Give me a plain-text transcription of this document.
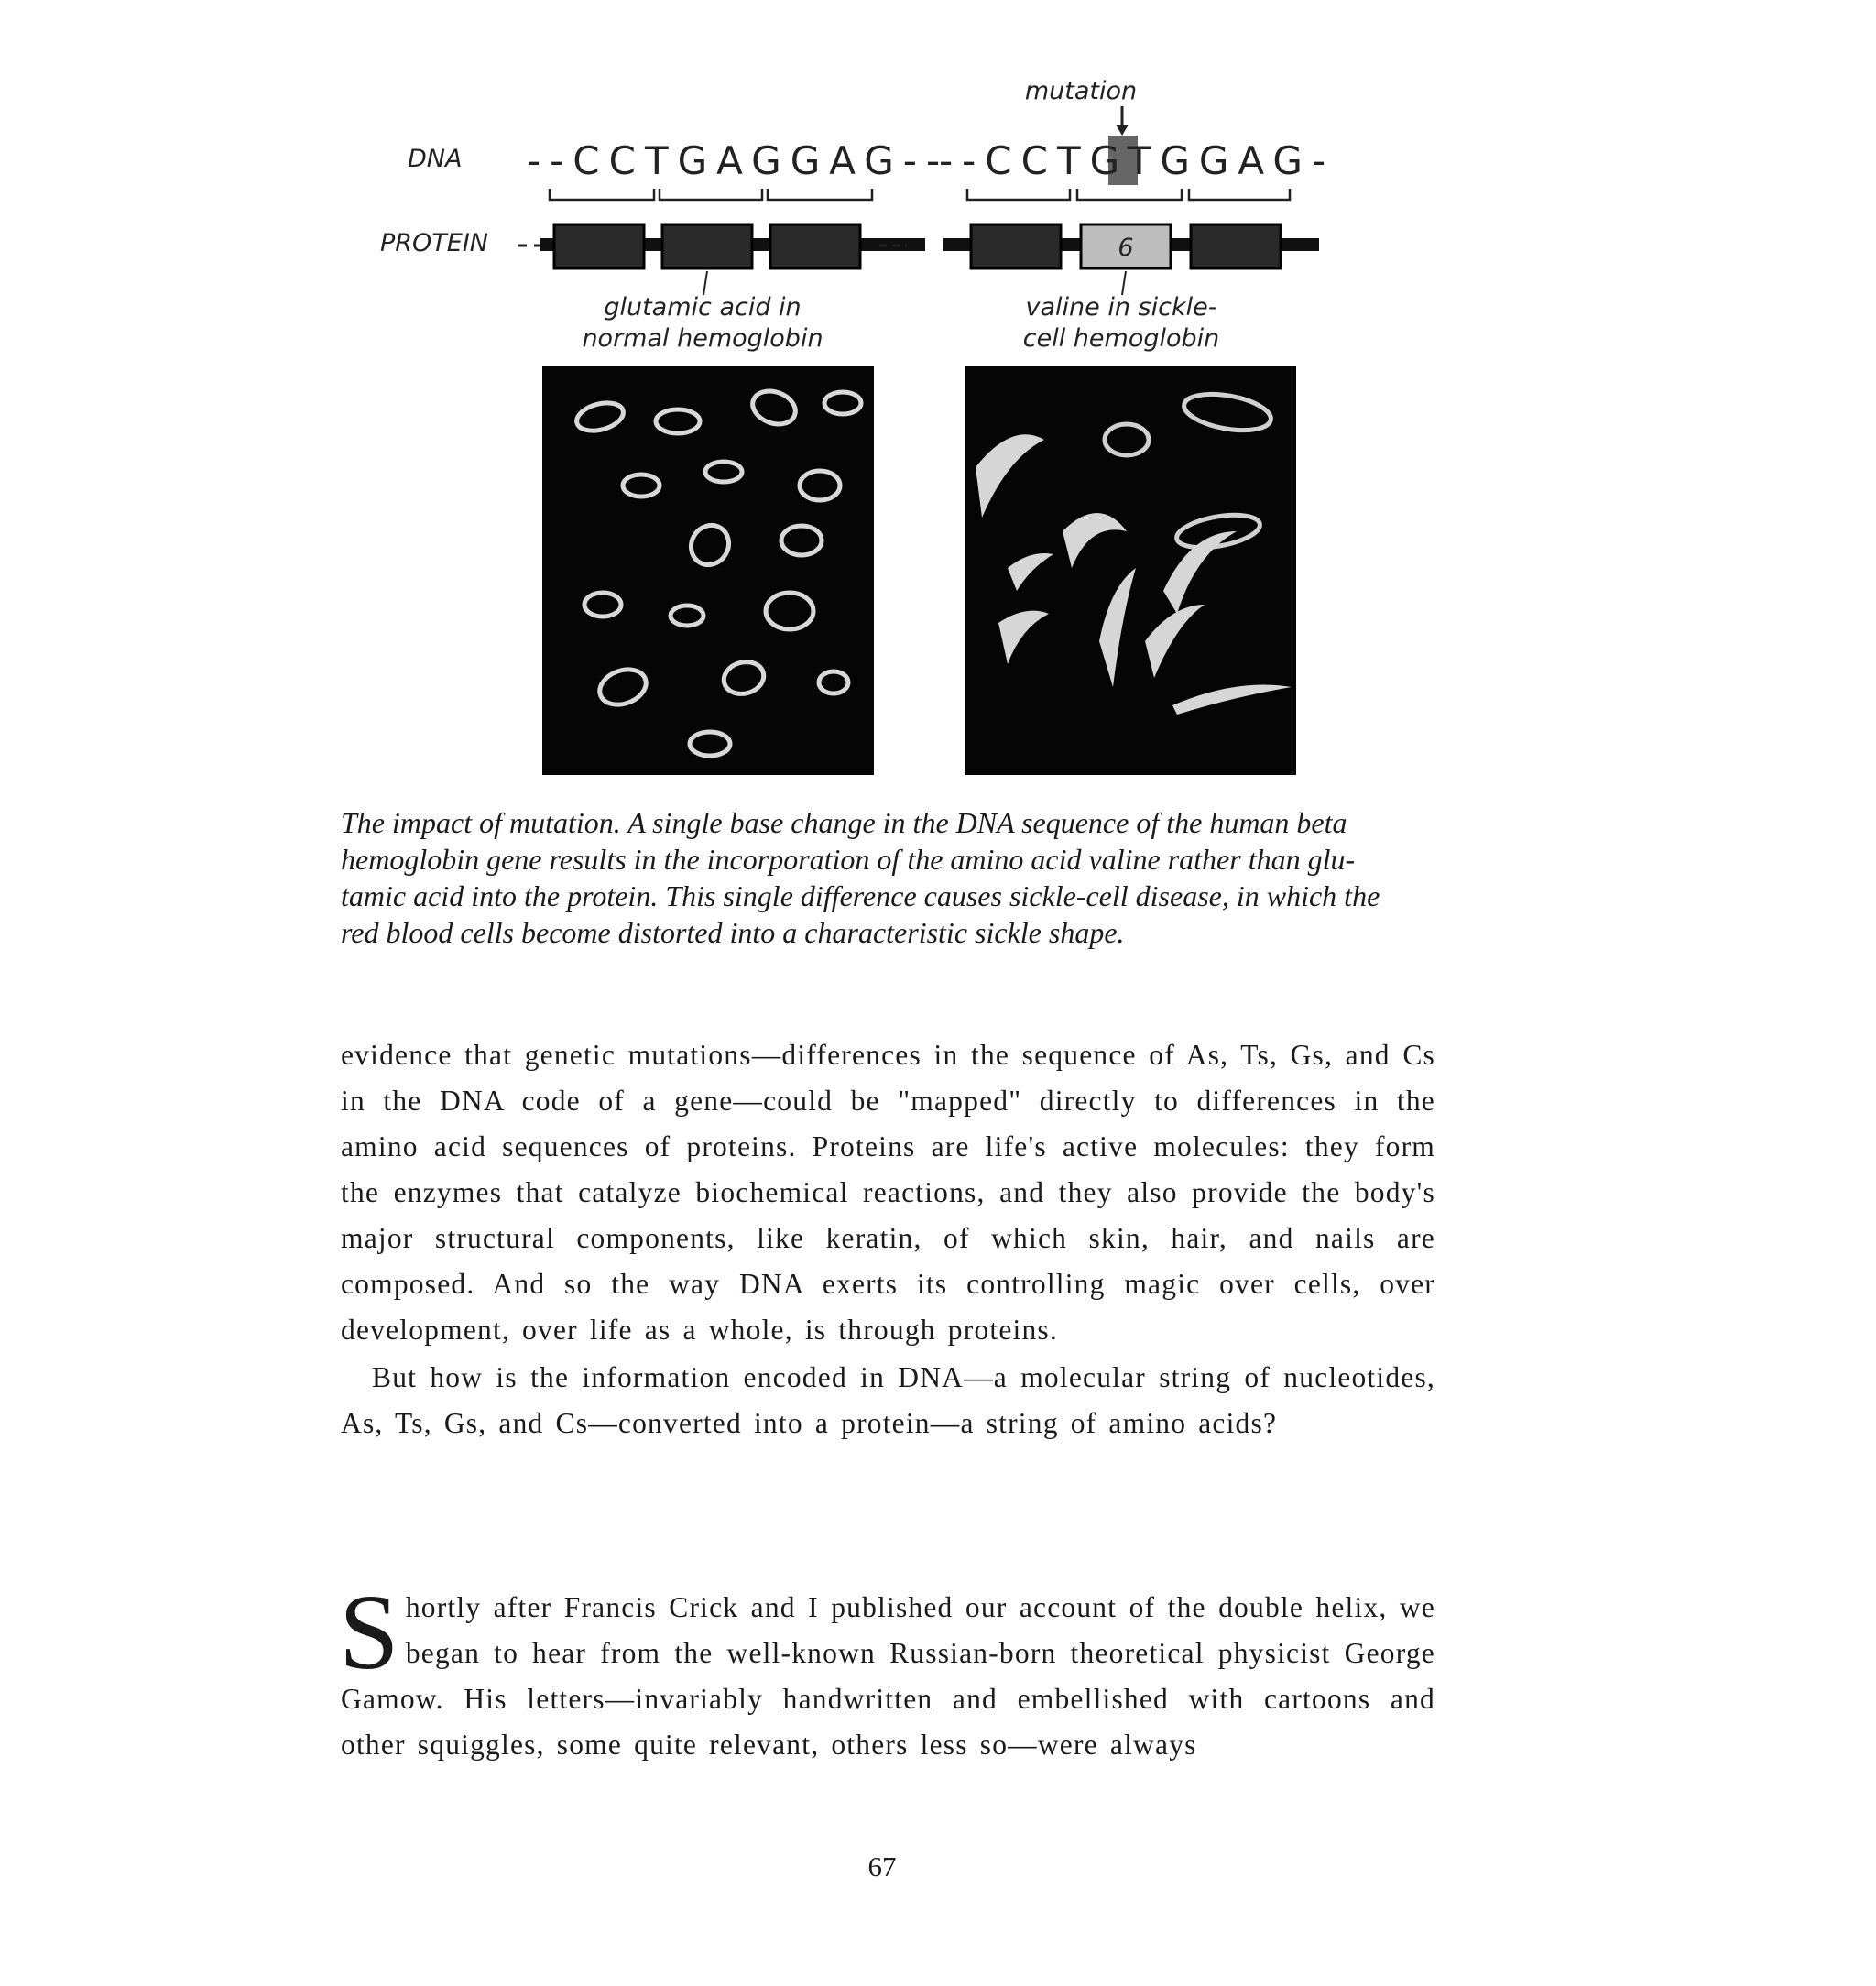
mutation
DNA --CCTGAGGAG--
--CCTGTGGAG-
PROTEIN	6
glutamic acid in
normal hemoglobin
valine in sickle-
cell hemoglobin

The impact of mutation. A single base change in the DNA sequence of the human beta

hemoglobin gene results in the incorporation of the amino acid valine rather than glu-

tamic acid into the protein. This single difference causes sickle-cell disease, in which the

red blood cells become distorted into a characteristic sickle shape.

evidence that genetic mutations—differences in the sequence of As, Ts, Gs, and Cs in the DNA code of a gene—could be "mapped" directly to differences in the amino acid sequences of proteins. Proteins are life's active molecules: they form the enzymes that catalyze biochemical reactions, and they also provide the body's major structural components, like keratin, of which skin, hair, and nails are composed. And so the way DNA exerts its controlling magic over cells, over development, over life as a whole, is through proteins.

But how is the information encoded in DNA—a molecular string of nucleotides, As, Ts, Gs, and Cs—converted into a protein—a string of amino acids?

Shortly after Francis Crick and I published our account of the double helix, we began to hear from the well-known Russian-born theoretical physicist George Gamow. His letters—invariably handwritten and embellished with cartoons and other squiggles, some quite relevant, others less so—were always

67
